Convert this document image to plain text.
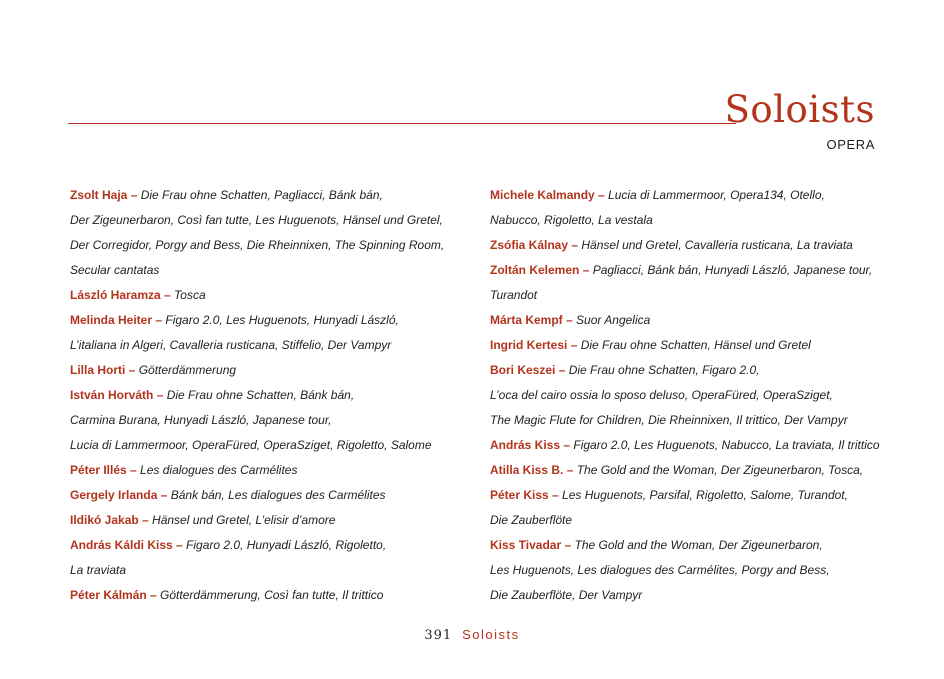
Soloists
OPERA
Zsolt Haja – Die Frau ohne Schatten, Pagliacci, Bánk bán,
Der Zigeunerbaron, Così fan tutte, Les Huguenots, Hänsel und Gretel,
Der Corregidor, Porgy and Bess, Die Rheinnixen, The Spinning Room,
Secular cantatas
László Haramza – Tosca
Melinda Heiter – Figaro 2.0, Les Huguenots, Hunyadi László,
L’italiana in Algeri, Cavalleria rusticana, Stiffelio, Der Vampyr
Lilla Horti – Götterdämmerung
István Horváth – Die Frau ohne Schatten, Bánk bán,
Carmina Burana, Hunyadi László, Japanese tour,
Lucia di Lammermoor, OperaFüred, OperaSziget, Rigoletto, Salome
Péter Illés – Les dialogues des Carmélites
Gergely Irlanda – Bánk bán, Les dialogues des Carmélites
Ildikó Jakab – Hänsel und Gretel, L’elisir d’amore
András Káldi Kiss – Figaro 2.0, Hunyadi László, Rigoletto,
La traviata
Péter Kálmán – Götterdämmerung, Così fan tutte, Il trittico
Michele Kalmandy – Lucia di Lammermoor, Opera134, Otello,
Nabucco, Rigoletto, La vestala
Zsófia Kálnay – Hänsel und Gretel, Cavalleria rusticana, La traviata
Zoltán Kelemen – Pagliacci, Bánk bán, Hunyadi László, Japanese tour,
Turandot
Márta Kempf – Suor Angelica
Ingrid Kertesi – Die Frau ohne Schatten, Hänsel und Gretel
Bori Keszei – Die Frau ohne Schatten, Figaro 2.0,
L’oca del cairo ossia lo sposo deluso, OperaFüred, OperaSziget,
The Magic Flute for Children, Die Rheinnixen, Il trittico, Der Vampyr
András Kiss – Figaro 2.0, Les Huguenots, Nabucco, La traviata, Il trittico
Atilla Kiss B. – The Gold and the Woman, Der Zigeunerbaron, Tosca,
Péter Kiss – Les Huguenots, Parsifal, Rigoletto, Salome, Turandot,
Die Zauberflöte
Kiss Tivadar – The Gold and the Woman, Der Zigeunerbaron,
Les Huguenots, Les dialogues des Carmélites, Porgy and Bess,
Die Zauberflöte, Der Vampyr
391 Soloists
